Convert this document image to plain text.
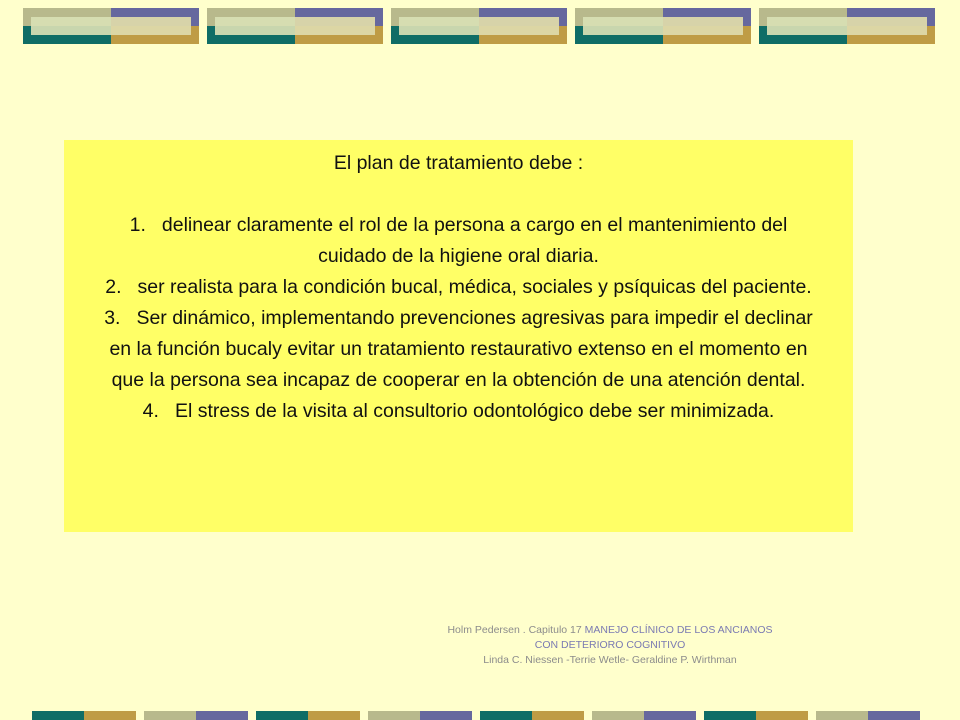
El plan de tratamiento debe :

1. delinear claramente el rol de la persona a cargo en el mantenimiento del cuidado de la higiene oral diaria.
2. ser realista para la condición bucal, médica, sociales y psíquicas del paciente.
3. Ser dinámico, implementando prevenciones agresivas para impedir el declinar en la función bucaly evitar un tratamiento restaurativo extenso en el momento en que la persona sea incapaz de cooperar en la obtención de una atención dental.
4. El stress de la visita al consultorio odontológico debe ser minimizada.
Holm Pedersen . Capitulo 17 MANEJO CLÍNICO DE LOS ANCIANOS
CON DETERIORO COGNITIVO
Linda C. Niessen -Terrie Wetle- Geraldine P. Wirthman
